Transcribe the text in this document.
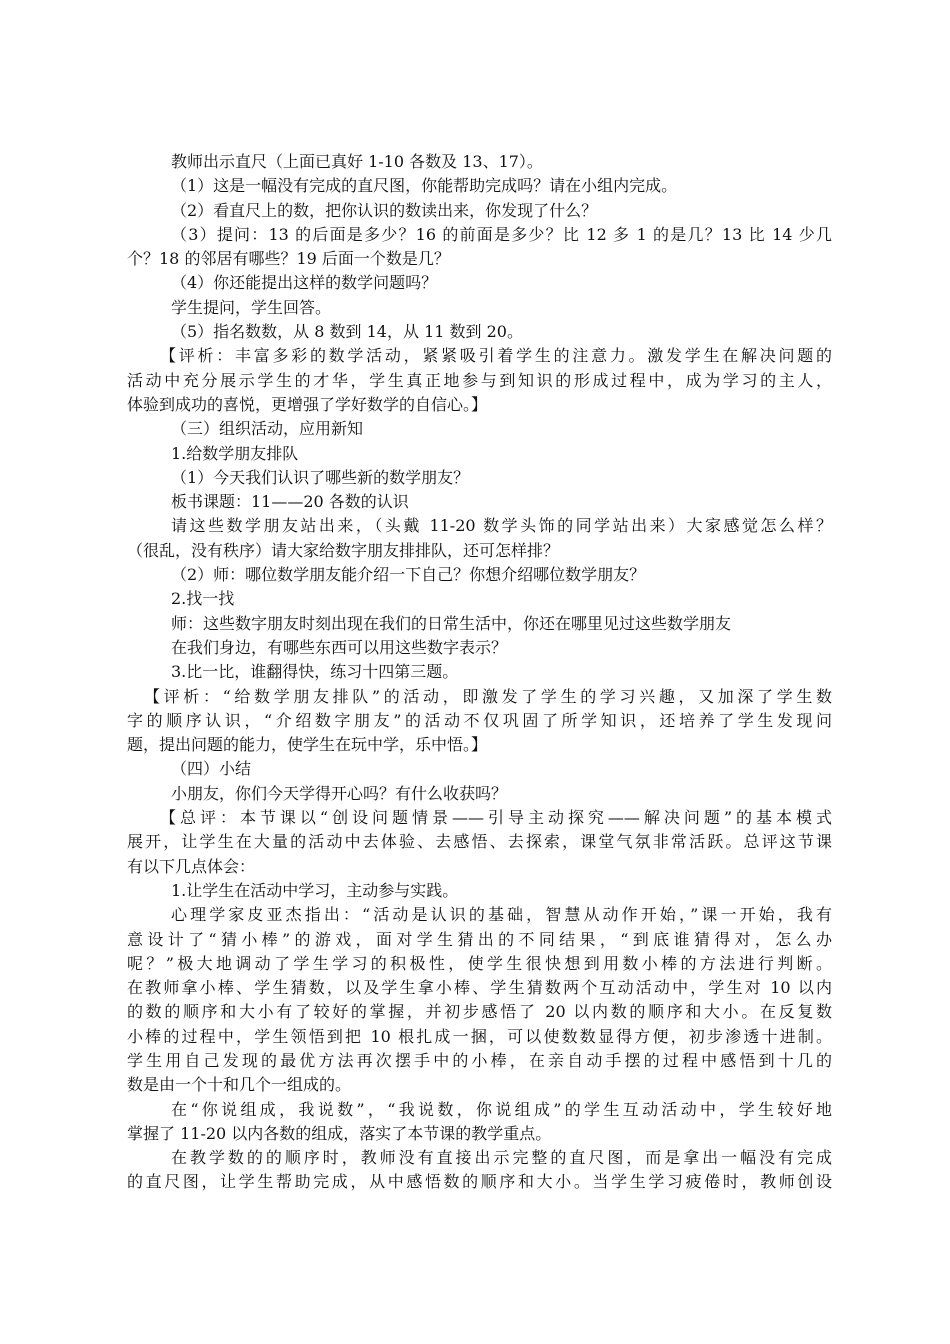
教师出示直尺（上面已真好 1-10 各数及 13、17）。
（1）这是一幅没有完成的直尺图，你能帮助完成吗？请在小组内完成。
（2）看直尺上的数，把你认识的数读出来，你发现了什么？
（3）提问：13 的后面是多少？16 的前面是多少？比 12 多 1 的是几？13 比 14 少几
个？18 的邻居有哪些？19 后面一个数是几？
（4）你还能提出这样的数学问题吗？
学生提问，学生回答。
（5）指名数数，从 8 数到 14，从 11 数到 20。
【评析：丰富多彩的数学活动，紧紧吸引着学生的注意力。激发学生在解决问题的
活动中充分展示学生的才华，学生真正地参与到知识的形成过程中，成为学习的主人，
体验到成功的喜悦，更增强了学好数学的自信心。】
（三）组织活动，应用新知
1.给数学朋友排队
（1）今天我们认识了哪些新的数学朋友？
板书课题：11——20 各数的认识
请这些数学朋友站出来，（头戴 11-20 数学头饰的同学站出来）大家感觉怎么样？
（很乱，没有秩序）请大家给数字朋友排排队，还可怎样排？
（2）师：哪位数学朋友能介绍一下自己？你想介绍哪位数学朋友？
2.找一找
师：这些数字朋友时刻出现在我们的日常生活中，你还在哪里见过这些数学朋友
在我们身边，有哪些东西可以用这些数字表示？
3.比一比，谁翻得快，练习十四第三题。
【评析：“给数学朋友排队”的活动，即激发了学生的学习兴趣，又加深了学生数
字的顺序认识，“介绍数字朋友”的活动不仅巩固了所学知识，还培养了学生发现问
题，提出问题的能力，使学生在玩中学，乐中悟。】
（四）小结
小朋友，你们今天学得开心吗？有什么收获吗？
【总评：本节课以“创设问题情景——引导主动探究——解决问题”的基本模式
展开，让学生在大量的活动中去体验、去感悟、去探索，课堂气氛非常活跃。总评这节课
有以下几点体会：
1.让学生在活动中学习，主动参与实践。
心理学家皮亚杰指出：“活动是认识的基础，智慧从动作开始，”课一开始，我有
意设计了“猜小棒”的游戏，面对学生猜出的不同结果，“到底谁猜得对，怎么办
呢？”极大地调动了学生学习的积极性，使学生很快想到用数小棒的方法进行判断。
在教师拿小棒、学生猜数，以及学生拿小棒、学生猜数两个互动活动中，学生对 10 以内
的数的顺序和大小有了较好的掌握，并初步感悟了 20 以内数的顺序和大小。在反复数
小棒的过程中，学生领悟到把 10 根扎成一捆，可以使数数显得方便，初步渗透十进制。
学生用自己发现的最优方法再次摆手中的小棒，在亲自动手摆的过程中感悟到十几的
数是由一个十和几个一组成的。
在“你说组成，我说数”，“我说数，你说组成”的学生互动活动中，学生较好地
掌握了 11-20 以内各数的组成，落实了本节课的教学重点。
在教学数的的顺序时，教师没有直接出示完整的直尺图，而是拿出一幅没有完成
的直尺图，让学生帮助完成，从中感悟数的顺序和大小。当学生学习疲倦时，教师创设
